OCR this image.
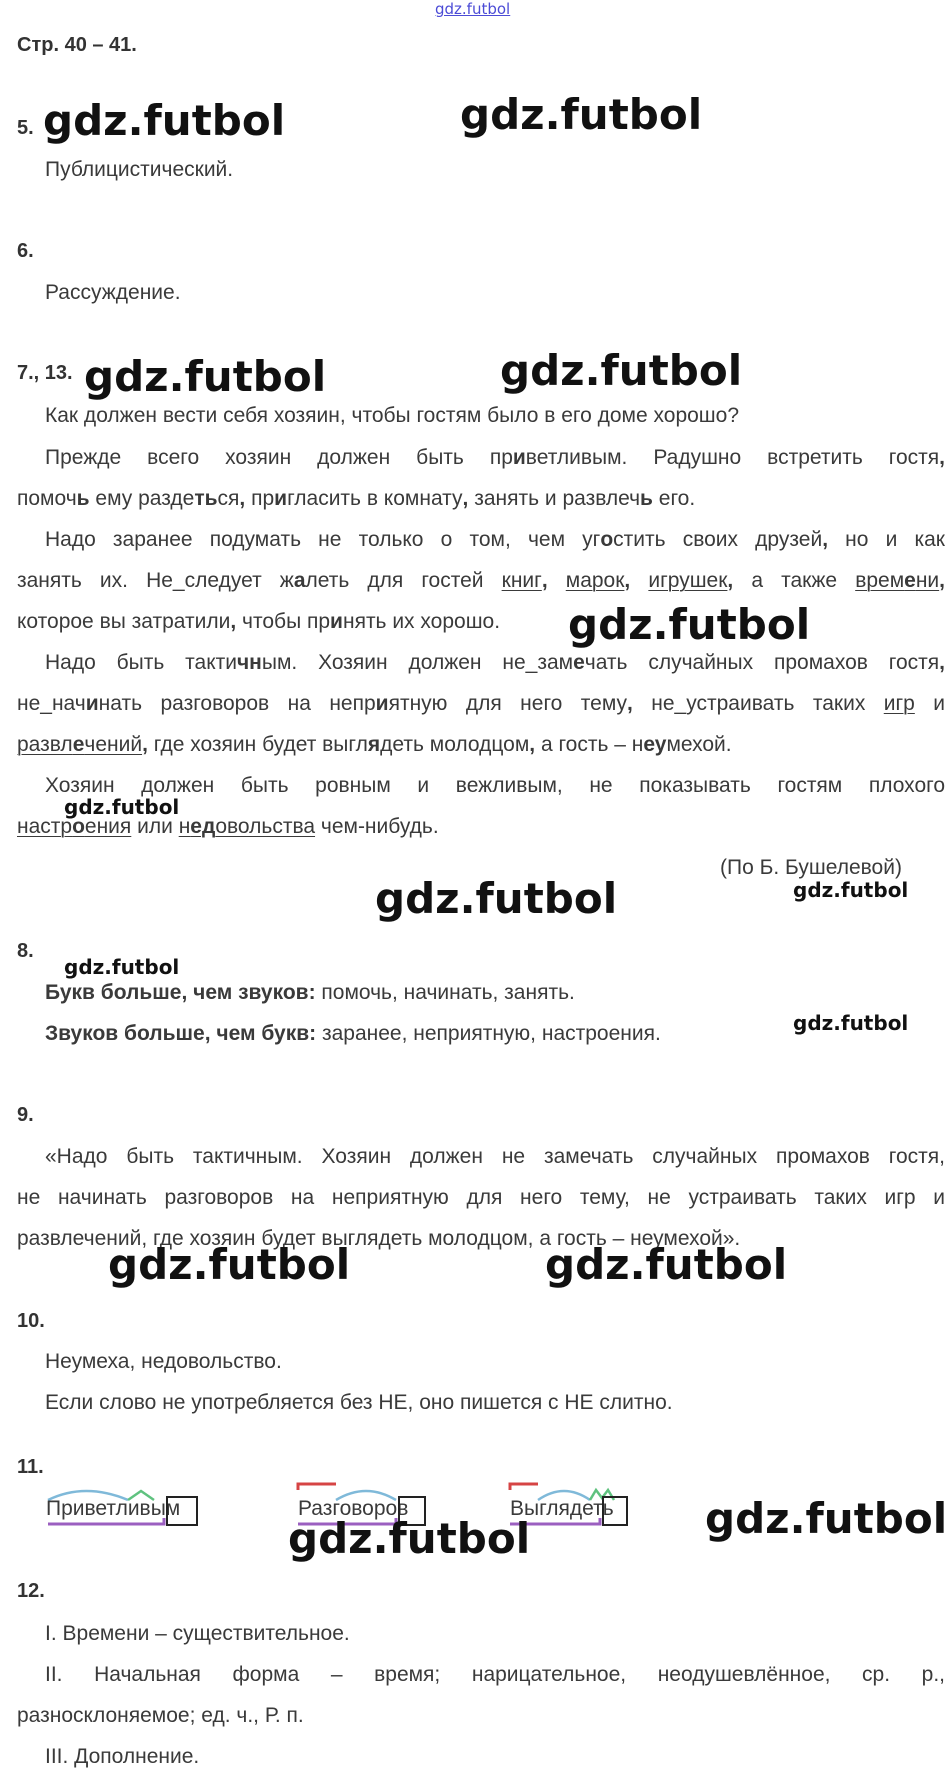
gdz.futbol
Стр. 40 – 41.
5.
Публицистический.
gdz.futbol	gdz.futbol
6.
Рассуждение.
7., 13. gdz.futbol	gdz.futbol
Как должен вести себя хозяин, чтобы гостям было в его доме хорошо?
Прежде всего хозяин должен быть приветливым. Радушно встретить гостя,
помочь ему раздеться, пригласить в комнату, занять и развлечь его.
Надо заранее подумать не только о том, чем угостить своих друзей, но и как
занять их. Не_следует жалеть для гостей книг, марок, игрушек, а также времени,
которое вы затратили, чтобы принять их хорошо. gdz.futbol
Надо быть тактичным. Хозяин должен не_замечать случайных промахов гостя,
не_начинать разговоров на неприятную для него тему, не_устраивать таких игр и
развлечений, где хозяин будет выглядеть молодцом, а гость – неумехой.
Хозяин должен быть ровным и вежливым, не показывать гостям плохого
gdz.futbol
настроения или недовольства чем-нибудь.
(По Б. Бушелевой)
gdz.futbol
gdz.futbol
8.
gdz.futbol
Букв больше, чем звуков: помочь, начинать, занять.
Звуков больше, чем букв: заранее, неприятную, настроения.	gdz.futbol
9.
«Надо быть тактичным. Хозяин должен не замечать случайных промахов гостя,
не начинать разговоров на неприятную для него тему, не устраивать таких игр и
развлечений, где хозяин будет выглядеть молодцом, а гость – неумехой».
gdz.futbol	gdz.futbol
10.
Неумеха, недовольство.
Если слово не употребляется без НЕ, оно пишется с НЕ слитно.
11.
Приветливым	Разговоров	Выглядеть gdz.futbol
gdz.futbol
12.
I. Времени – существительное.
II. Начальная форма – время; нарицательное, неодушевлённое, ср. р.,
разносклоняемое; ед. ч., Р. п.
III. Дополнение.
